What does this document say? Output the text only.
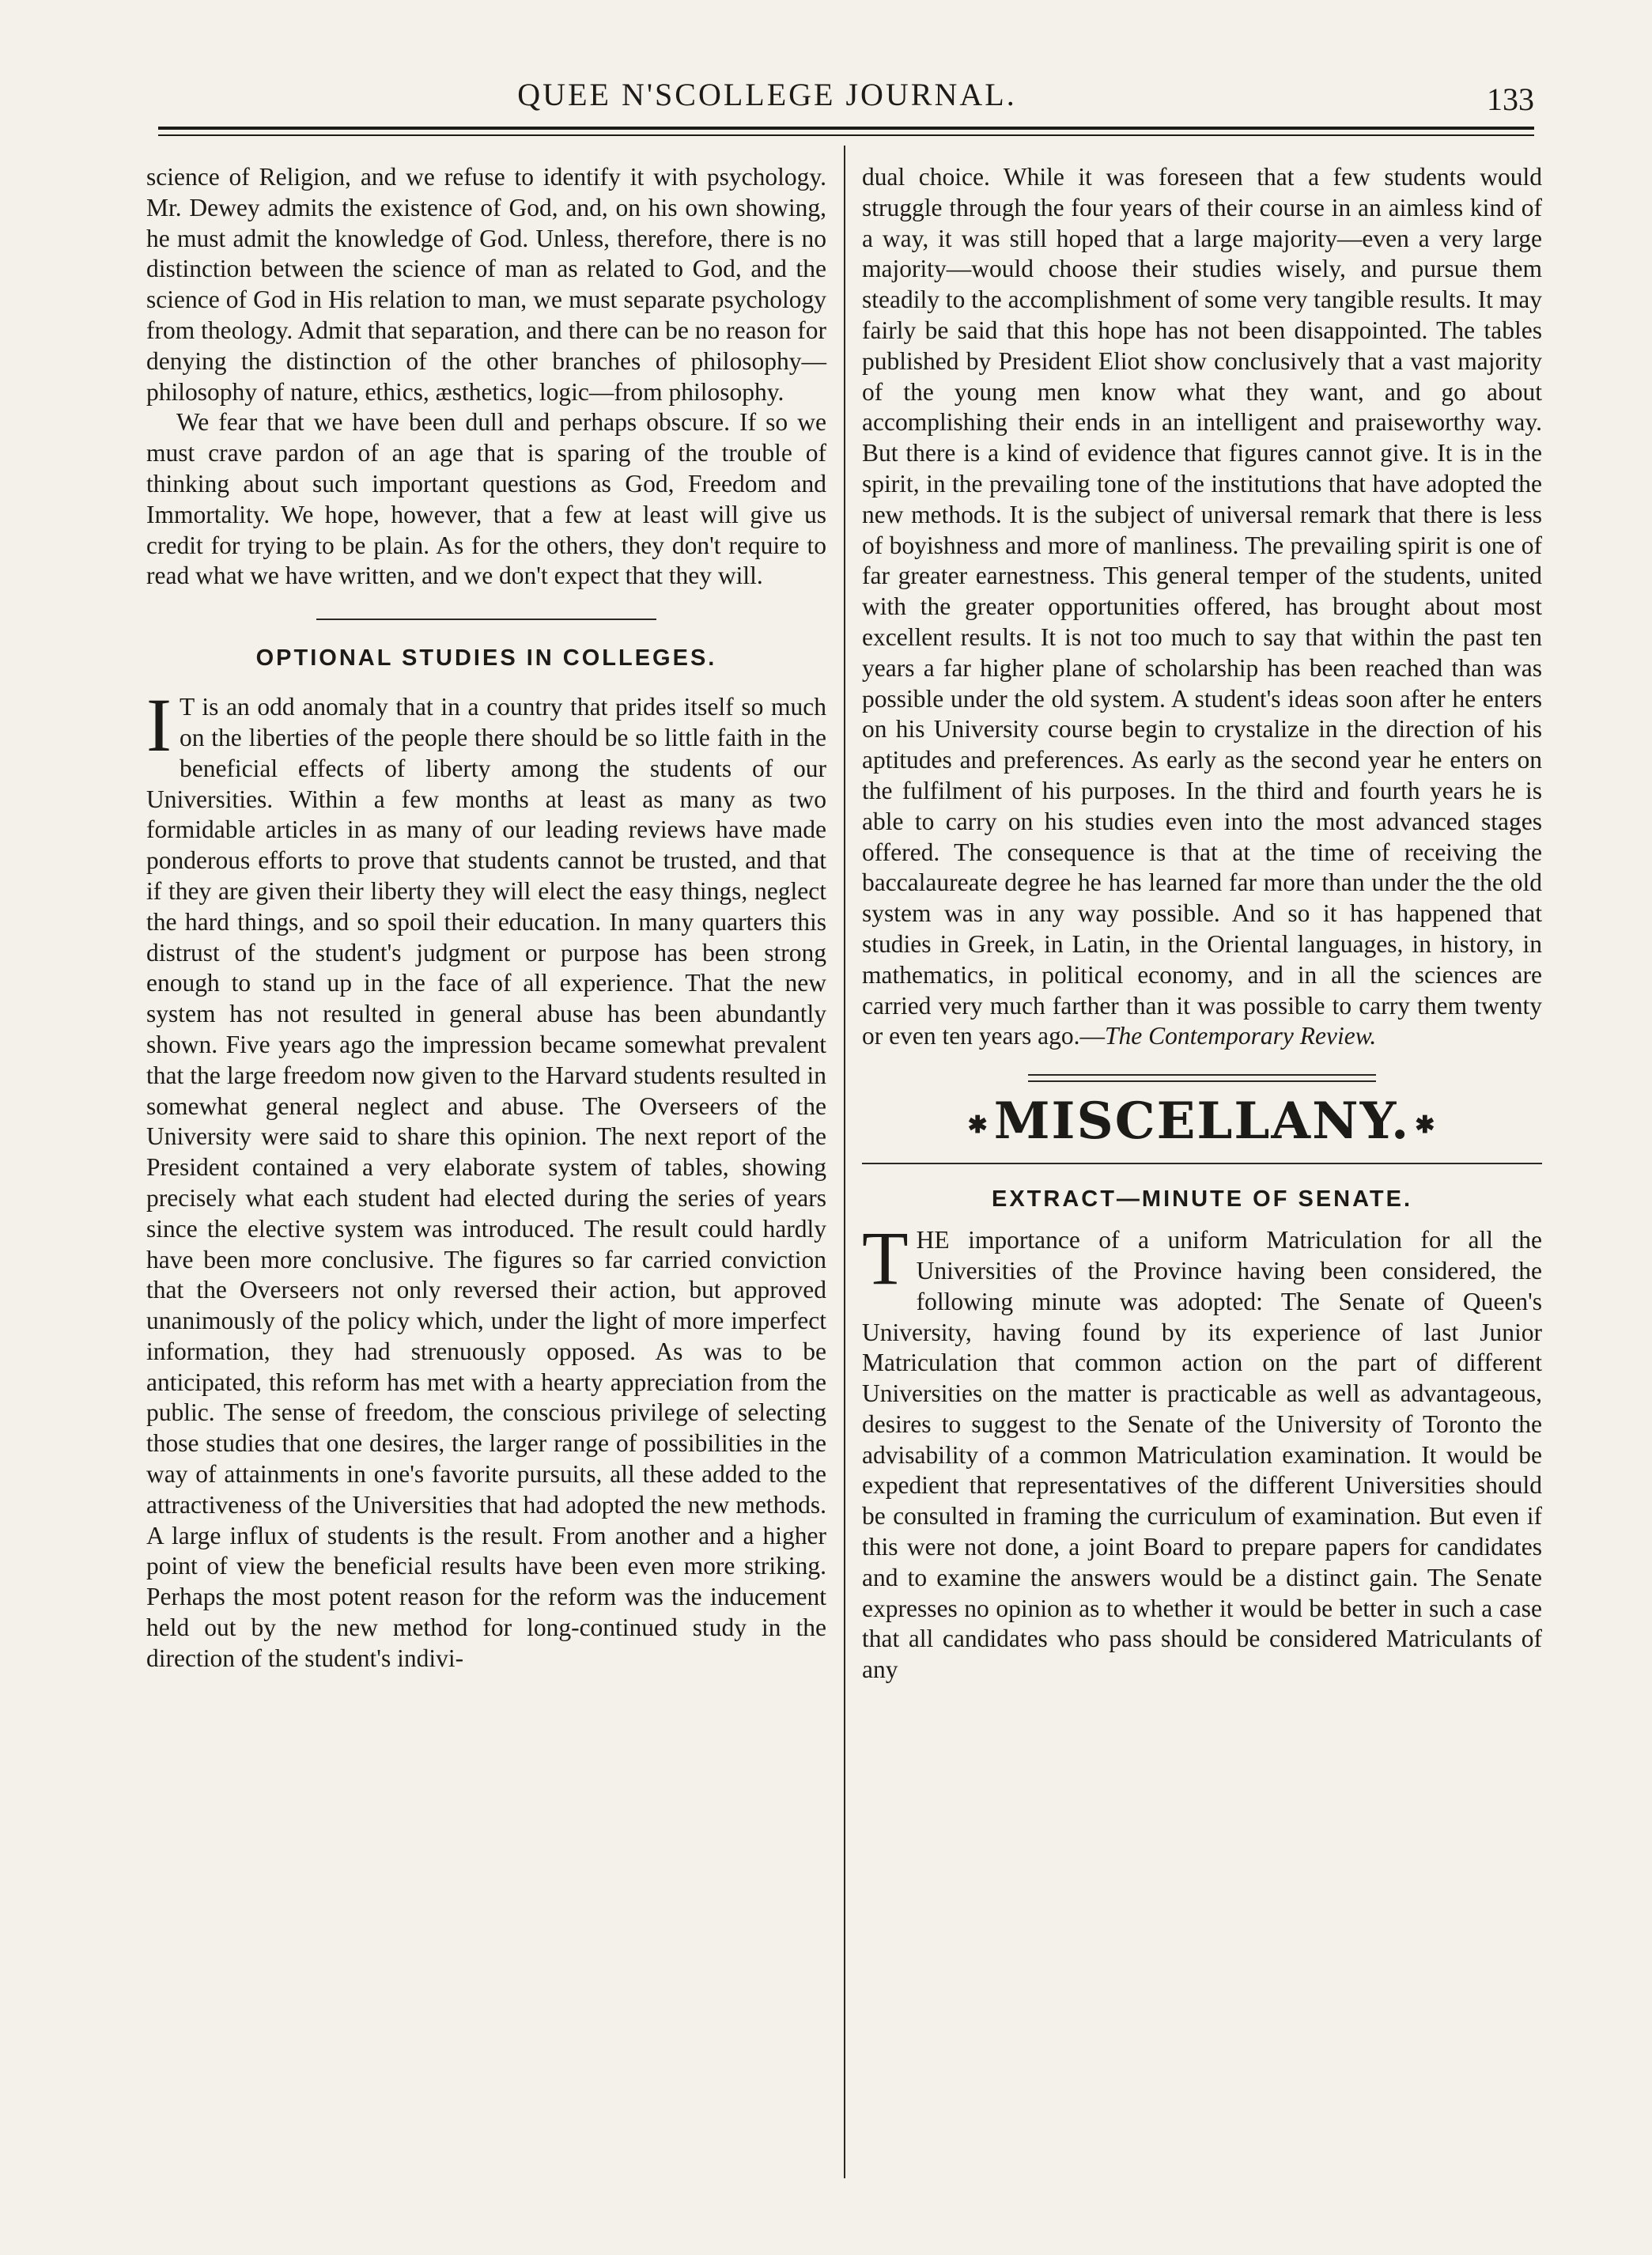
QUEE N'SCOLLEGE JOURNAL.	133

science of Religion, and we refuse to identify it with psychology. Mr. Dewey admits the existence of God, and, on his own showing, he must admit the knowledge of God. Unless, therefore, there is no distinction between the science of man as related to God, and the science of God in His relation to man, we must separate psychology from theology. Admit that separation, and there can be no reason for denying the distinction of the other branches of philosophy—philosophy of nature, ethics, æsthetics, logic—from philosophy.

We fear that we have been dull and perhaps obscure. If so we must crave pardon of an age that is sparing of the trouble of thinking about such important questions as God, Freedom and Immortality. We hope, however, that a few at least will give us credit for trying to be plain. As for the others, they don't require to read what we have written, and we don't expect that they will.

OPTIONAL STUDIES IN COLLEGES.

I T is an odd anomaly that in a country that prides itself so much on the liberties of the people there should be so little faith in the beneficial effects of liberty among the students of our Universities. Within a few months at least as many as two formidable articles in as many of our leading reviews have made ponderous efforts to prove that students cannot be trusted, and that if they are given their liberty they will elect the easy things, neglect the hard things, and so spoil their education. In many quarters this distrust of the student's judgment or purpose has been strong enough to stand up in the face of all experience. That the new system has not resulted in general abuse has been abundantly shown. Five years ago the impression became somewhat prevalent that the large freedom now given to the Harvard students resulted in somewhat general neglect and abuse. The Overseers of the University were said to share this opinion. The next report of the President contained a very elaborate system of tables, showing precisely what each student had elected during the series of years since the elective system was introduced. The result could hardly have been more conclusive. The figures so far carried conviction that the Overseers not only reversed their action, but approved unanimously of the policy which, under the light of more imperfect information, they had strenuously opposed. As was to be anticipated, this reform has met with a hearty appreciation from the public. The sense of freedom, the conscious privilege of selecting those studies that one desires, the larger range of possibilities in the way of attainments in one's favorite pursuits, all these added to the attractiveness of the Universities that had adopted the new methods. A large influx of students is the result. From another and a higher point of view the beneficial results have been even more striking. Perhaps the most potent reason for the reform was the inducement held out by the new method for long-continued study in the direction of the student's indivi-

dual choice. While it was foreseen that a few students would struggle through the four years of their course in an aimless kind of a way, it was still hoped that a large majority—even a very large majority—would choose their studies wisely, and pursue them steadily to the accomplishment of some very tangible results. It may fairly be said that this hope has not been disappointed. The tables published by President Eliot show conclusively that a vast majority of the young men know what they want, and go about accomplishing their ends in an intelligent and praiseworthy way. But there is a kind of evidence that figures cannot give. It is in the spirit, in the prevailing tone of the institutions that have adopted the new methods. It is the subject of universal remark that there is less of boyishness and more of manliness. The prevailing spirit is one of far greater earnestness. This general temper of the students, united with the greater opportunities offered, has brought about most excellent results. It is not too much to say that within the past ten years a far higher plane of scholarship has been reached than was possible under the old system. A student's ideas soon after he enters on his University course begin to crystalize in the direction of his aptitudes and preferences. As early as the second year he enters on the fulfilment of his purposes. In the third and fourth years he is able to carry on his studies even into the most advanced stages offered. The consequence is that at the time of receiving the baccalaureate degree he has learned far more than under the the old system was in any way possible. And so it has happened that studies in Greek, in Latin, in the Oriental languages, in history, in mathematics, in political economy, and in all the sciences are carried very much farther than it was possible to carry them twenty or even ten years ago.—The Contemporary Review.

✱MISCELLANY. ✱
EXTRACT—MINUTE OF SENATE.

THE importance of a uniform Matriculation for all the Universities of the Province having been considered, the following minute was adopted: The Senate of Queen's University, having found by its experience of last Junior Matriculation that common action on the part of different Universities on the matter is practicable as well as advantageous, desires to suggest to the Senate of the University of Toronto the advisability of a common Matriculation examination. It would be expedient that representatives of the different Universities should be consulted in framing the curriculum of examination. But even if this were not done, a joint Board to prepare papers for candidates and to examine the answers would be a distinct gain. The Senate expresses no opinion as to whether it would be better in such a case that all candidates who pass should be considered Matriculants of any
